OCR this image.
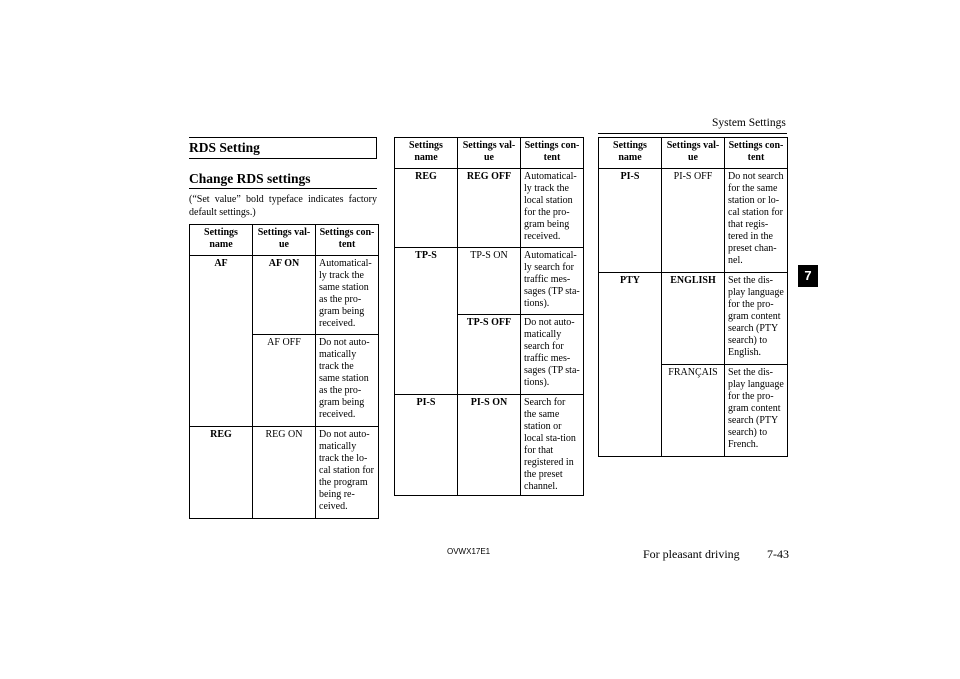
System Settings
7
RDS Setting
Change RDS settings
(“Set value” bold typeface indicates factory default settings.)
Settings name	Settings val-ue	Settings con-tent
AF	AF ON	Automatical-ly track the same station as the pro-gram being received.
	AF OFF	Do not auto-matically track the same station as the pro-gram being received.
REG	REG ON	Do not auto-matically track the lo-cal station for the program being re-ceived.
Settings name	Settings val-ue	Settings con-tent
REG	REG OFF	Automatical-ly track the local station for the pro-gram being received.
TP-S	TP-S ON	Automatical-ly search for traffic mes-sages (TP sta-tions).
	TP-S OFF	Do not auto-matically search for traffic mes-sages (TP sta-tions).
PI-S	PI-S ON	Search for the same station or local sta-tion for that registered in the preset channel.
Settings name	Settings val-ue	Settings con-tent
PI-S	PI-S OFF	Do not search for the same station or lo-cal station for that regis-tered in the preset chan-nel.
PTY	ENGLISH	Set the dis-play language for the pro-gram content search (PTY search) to English.
	FRANÇAIS	Set the dis-play language for the pro-gram content search (PTY search) to French.
OVWX17E1	For pleasant driving 7-43
